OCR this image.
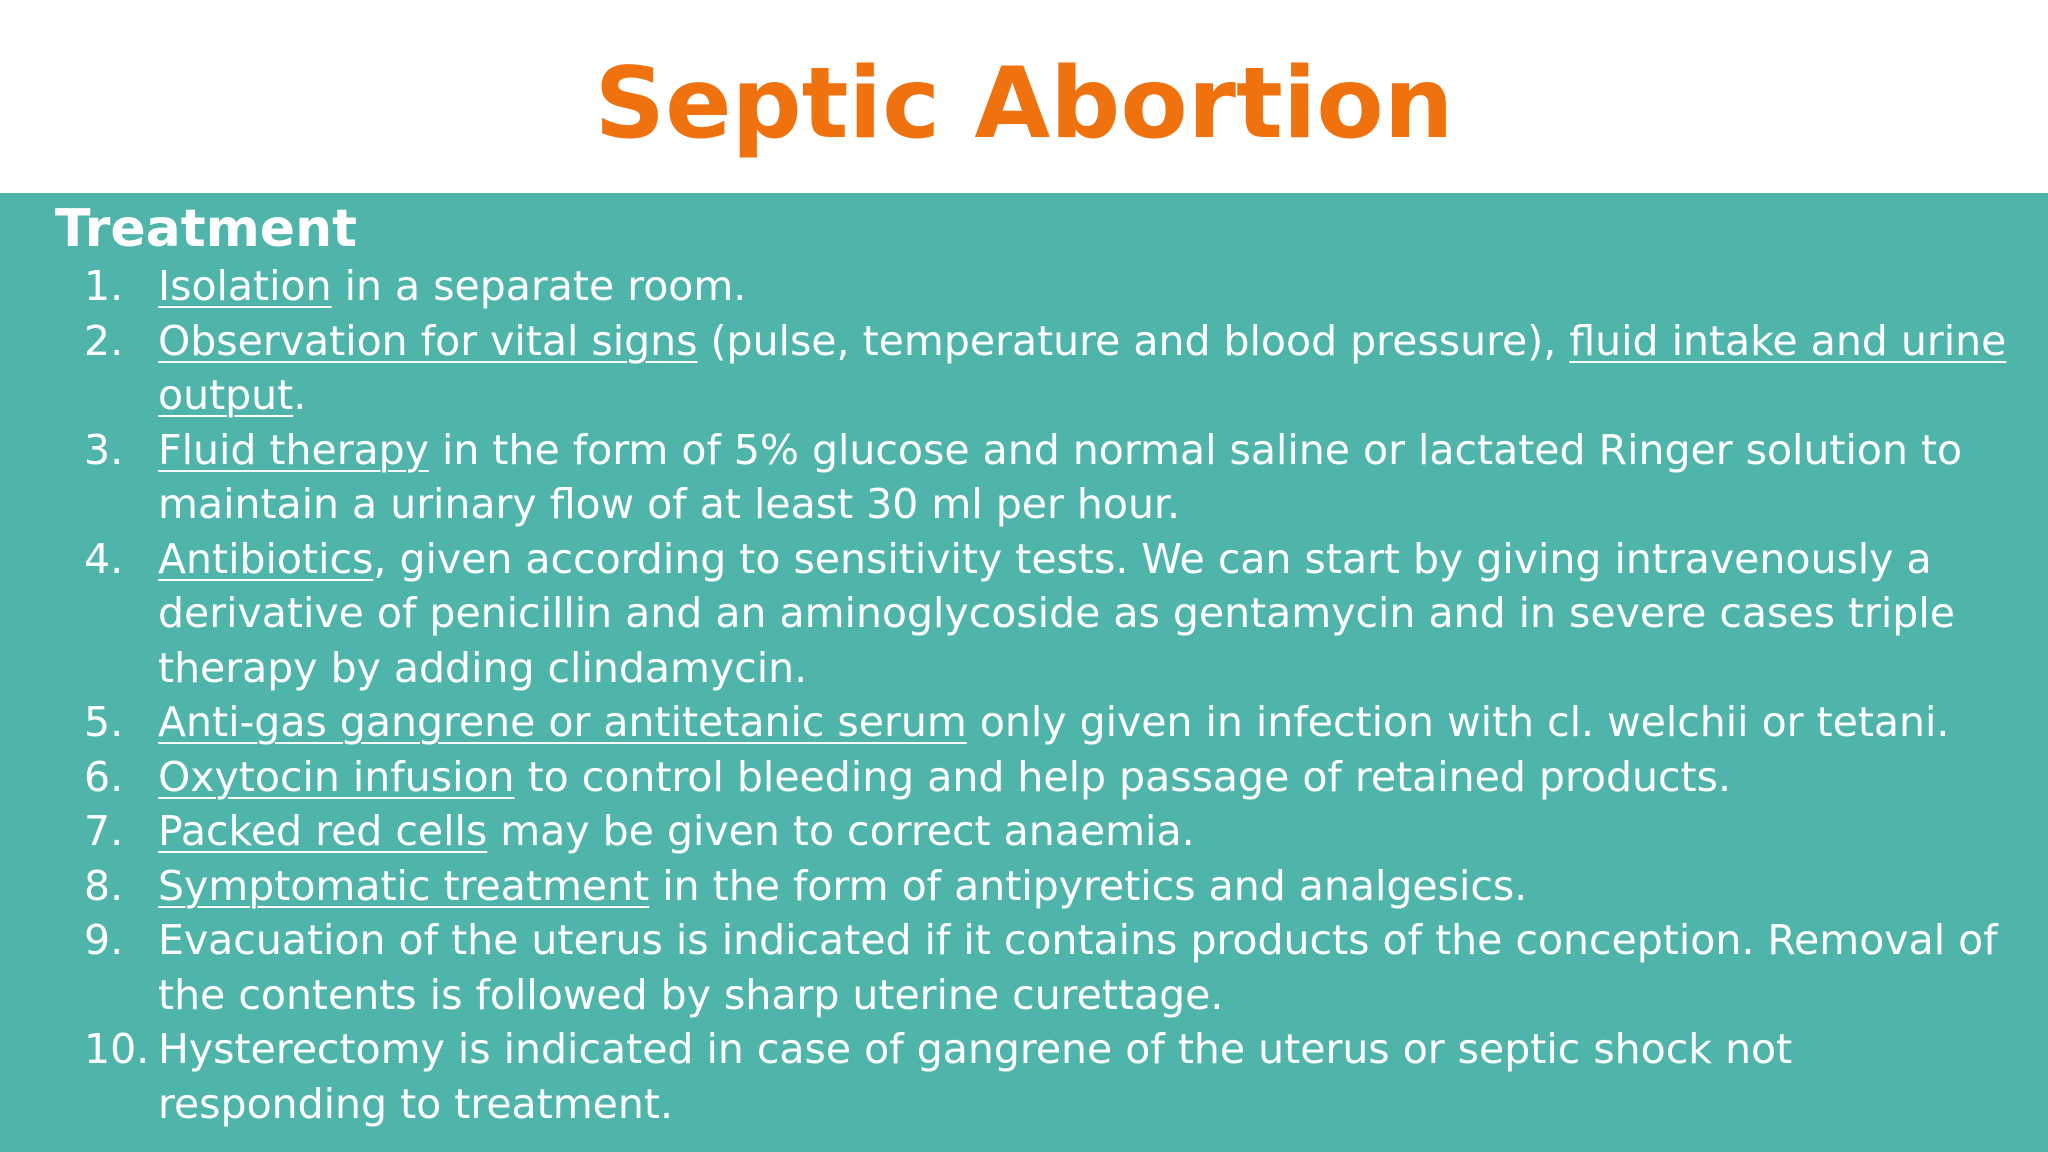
Septic Abortion
Treatment
1. Isolation in a separate room.
2. Observation for vital signs (pulse, temperature and blood pressure), fluid intake and urine output.
3. Fluid therapy in the form of 5% glucose and normal saline or lactated Ringer solution to maintain a urinary flow of at least 30 ml per hour.
4. Antibiotics, given according to sensitivity tests. We can start by giving intravenously a derivative of penicillin and an aminoglycoside as gentamycin and in severe cases triple therapy by adding clindamycin.
5. Anti-gas gangrene or antitetanic serum only given in infection with cl. welchii or tetani.
6. Oxytocin infusion to control bleeding and help passage of retained products.
7. Packed red cells may be given to correct anaemia.
8. Symptomatic treatment in the form of antipyretics and analgesics.
9. Evacuation of the uterus is indicated if it contains products of the conception. Removal of the contents is followed by sharp uterine curettage.
10. Hysterectomy is indicated in case of gangrene of the uterus or septic shock not responding to treatment.
